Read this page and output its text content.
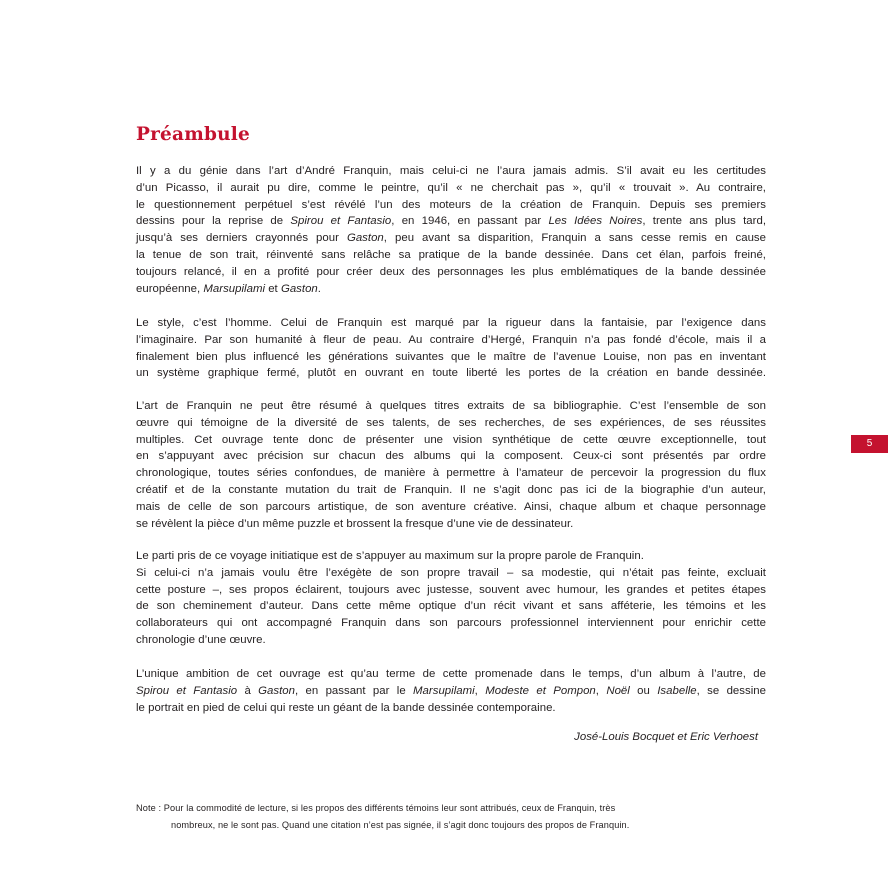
Préambule
Il y a du génie dans l’art d’André Franquin, mais celui-ci ne l’aura jamais admis. S’il avait eu les certitudes
d’un Picasso, il aurait pu dire, comme le peintre, qu’il « ne cherchait pas », qu’il « trouvait ». Au contraire,
le questionnement perpétuel s’est révélé l’un des moteurs de la création de Franquin. Depuis ses premiers
dessins pour la reprise de Spirou et Fantasio, en 1946, en passant par Les Idées Noires, trente ans plus tard,
jusqu’à ses derniers crayonnés pour Gaston, peu avant sa disparition, Franquin a sans cesse remis en cause
la tenue de son trait, réinventé sans relâche sa pratique de la bande dessinée. Dans cet élan, parfois freiné,
toujours relancé, il en a profité pour créer deux des personnages les plus emblématiques de la bande dessinée
européenne, Marsupilami et Gaston.
Le style, c’est l’homme. Celui de Franquin est marqué par la rigueur dans la fantaisie, par l’exigence dans
l’imaginaire. Par son humanité à fleur de peau. Au contraire d’Hergé, Franquin n’a pas fondé d’école, mais il a
finalement bien plus influencé les générations suivantes que le maître de l’avenue Louise, non pas en inventant
un système graphique fermé, plutôt en ouvrant en toute liberté les portes de la création en bande dessinée.
L’art de Franquin ne peut être résumé à quelques titres extraits de sa bibliographie. C’est l’ensemble de son
œuvre qui témoigne de la diversité de ses talents, de ses recherches, de ses expériences, de ses réussites
multiples. Cet ouvrage tente donc de présenter une vision synthétique de cette œuvre exceptionnelle, tout
en s’appuyant avec précision sur chacun des albums qui la composent. Ceux-ci sont présentés par ordre
chronologique, toutes séries confondues, de manière à permettre à l’amateur de percevoir la progression du flux
créatif et de la constante mutation du trait de Franquin. Il ne s’agit donc pas ici de la biographie d’un auteur,
mais de celle de son parcours artistique, de son aventure créative. Ainsi, chaque album et chaque personnage
se révèlent la pièce d’un même puzzle et brossent la fresque d’une vie de dessinateur.
Le parti pris de ce voyage initiatique est de s’appuyer au maximum sur la propre parole de Franquin.
Si celui-ci n’a jamais voulu être l’exégète de son propre travail – sa modestie, qui n’était pas feinte, excluait
cette posture –, ses propos éclairent, toujours avec justesse, souvent avec humour, les grandes et petites étapes
de son cheminement d’auteur. Dans cette même optique d’un récit vivant et sans afféterie, les témoins et les
collaborateurs qui ont accompagné Franquin dans son parcours professionnel interviennent pour enrichir cette
chronologie d’une œuvre.
L’unique ambition de cet ouvrage est qu’au terme de cette promenade dans le temps, d’un album à l’autre, de
Spirou et Fantasio à Gaston, en passant par le Marsupilami, Modeste et Pompon, Noël ou Isabelle, se dessine
le portrait en pied de celui qui reste un géant de la bande dessinée contemporaine.

José-Louis Bocquet et Eric Verhoest

Note : Pour la commodité de lecture, si les propos des différents témoins leur sont attribués, ceux de Franquin, très
nombreux, ne le sont pas. Quand une citation n’est pas signée, il s’agit donc toujours des propos de Franquin.
5
